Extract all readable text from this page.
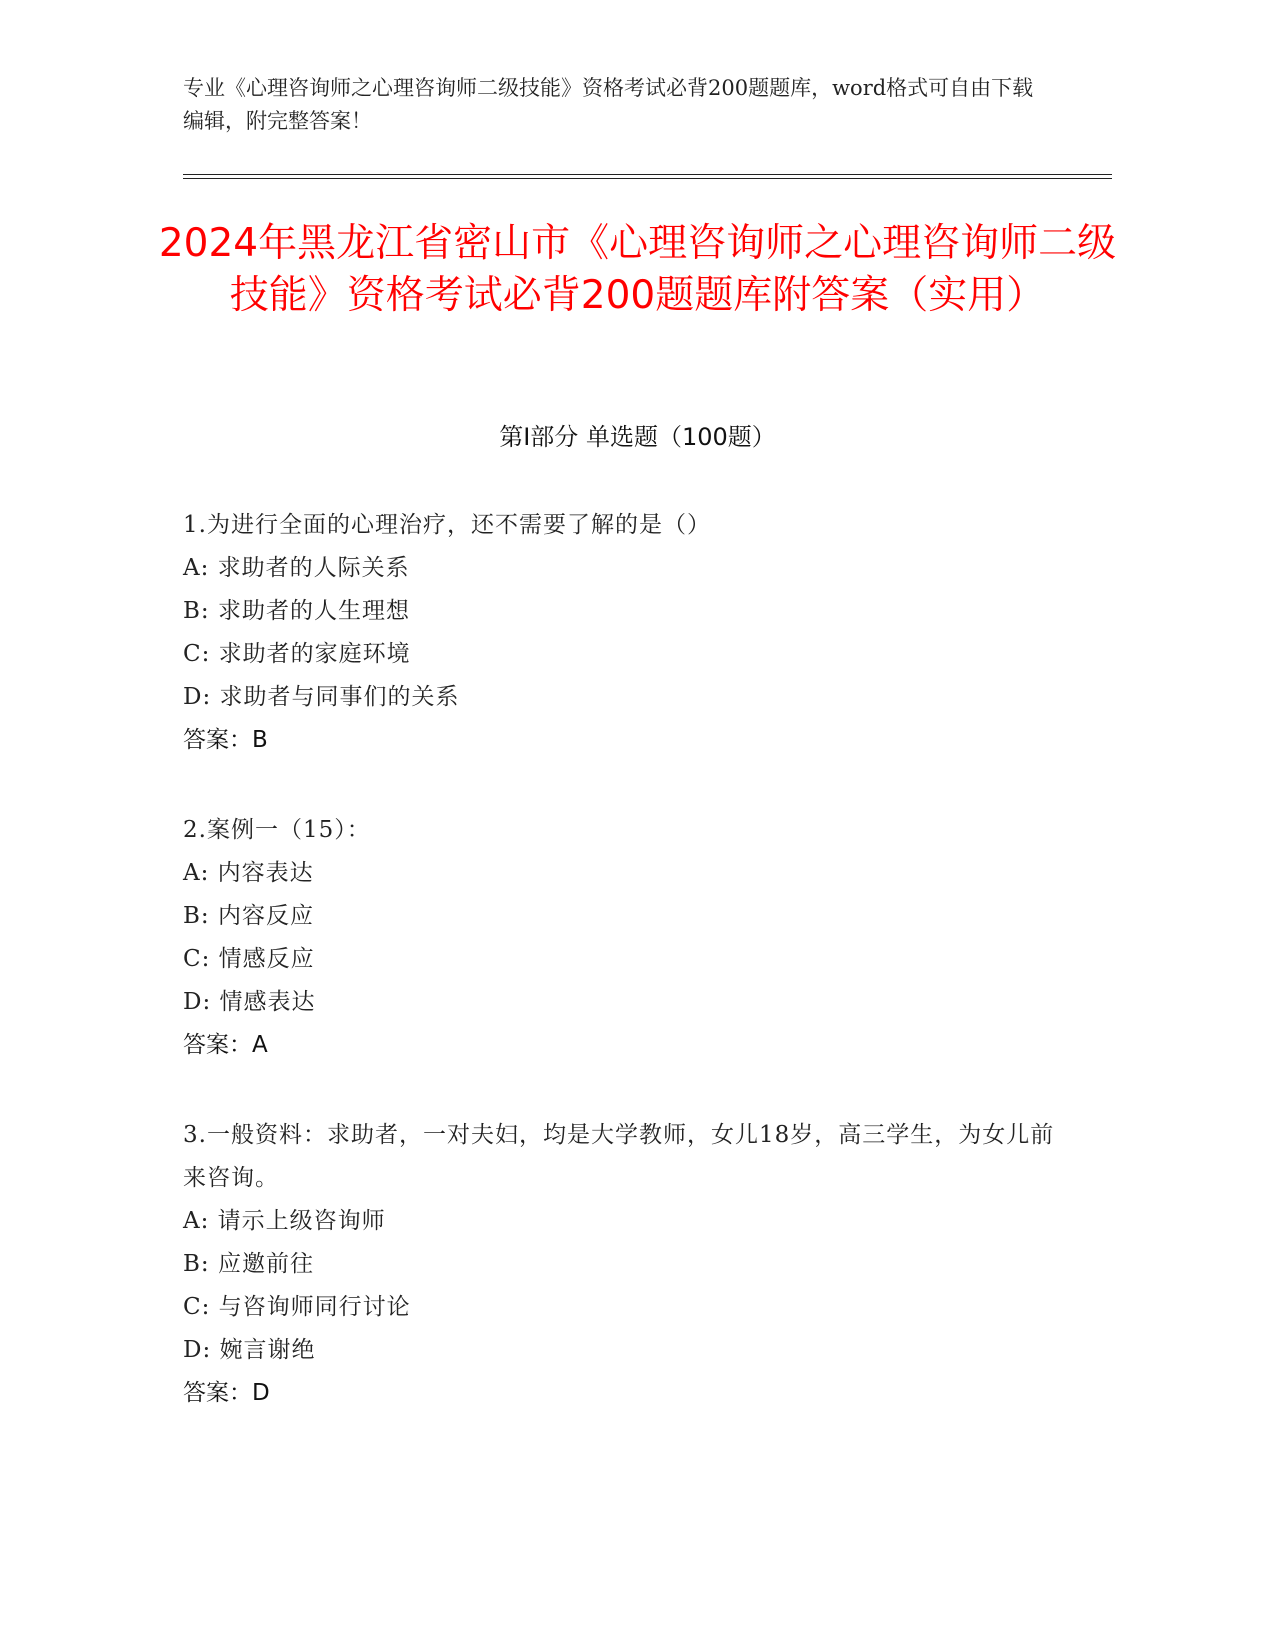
专业《心理咨询师之心理咨询师二级技能》资格考试必背200题题库，word格式可自由下载编辑，附完整答案！
2024年黑龙江省密山市《心理咨询师之心理咨询师二级技能》资格考试必背200题题库附答案（实用）
第Ⅰ部分 单选题（100题）
1.为进行全面的心理治疗，还不需要了解的是（）
A: 求助者的人际关系
B: 求助者的人生理想
C: 求助者的家庭环境
D: 求助者与同事们的关系
答案：B
2.案例一（15）：
A: 内容表达
B: 内容反应
C: 情感反应
D: 情感表达
答案：A
3.一般资料：求助者，一对夫妇，均是大学教师，女儿18岁，高三学生，为女儿前来咨询。
A: 请示上级咨询师
B: 应邀前往
C: 与咨询师同行讨论
D: 婉言谢绝
答案：D
